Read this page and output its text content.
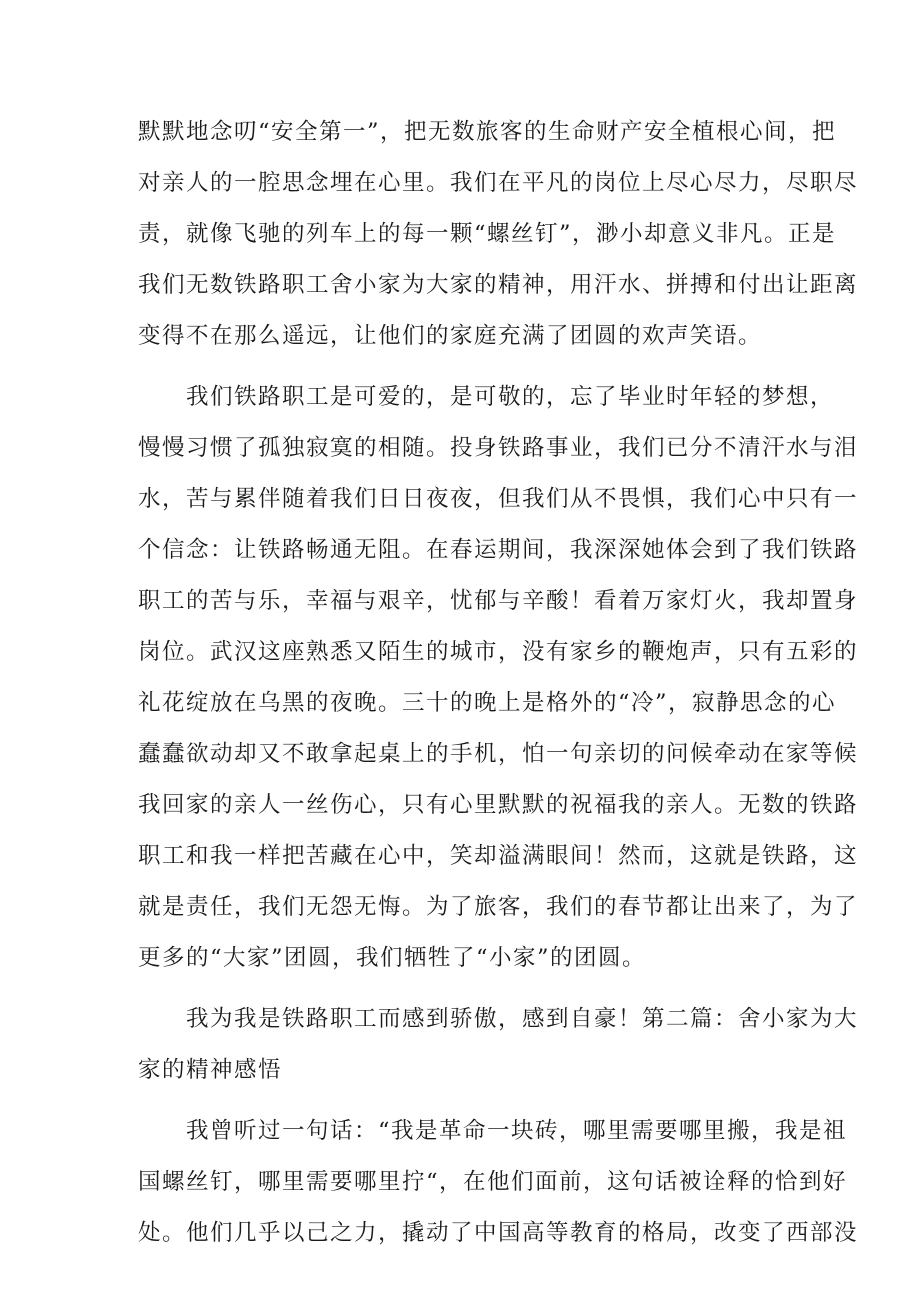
默默地念叨“安全第一”，把无数旅客的生命财产安全植根心间，把
对亲人的一腔思念埋在心里。我们在平凡的岗位上尽心尽力，尽职尽
责，就像飞驰的列车上的每一颗“螺丝钉”，渺小却意义非凡。正是
我们无数铁路职工舍小家为大家的精神，用汗水、拼搏和付出让距离
变得不在那么遥远，让他们的家庭充满了团圆的欢声笑语。
我们铁路职工是可爱的，是可敬的，忘了毕业时年轻的梦想，
慢慢习惯了孤独寂寞的相随。投身铁路事业，我们已分不清汗水与泪
水，苦与累伴随着我们日日夜夜，但我们从不畏惧，我们心中只有一
个信念：让铁路畅通无阻。在春运期间，我深深她体会到了我们铁路
职工的苦与乐，幸福与艰辛，忧郁与辛酸！看着万家灯火，我却置身
岗位。武汉这座熟悉又陌生的城市，没有家乡的鞭炮声，只有五彩的
礼花绽放在乌黑的夜晚。三十的晚上是格外的“冷”，寂静思念的心
蠢蠢欲动却又不敢拿起桌上的手机，怕一句亲切的问候牵动在家等候
我回家的亲人一丝伤心，只有心里默默的祝福我的亲人。无数的铁路
职工和我一样把苦藏在心中，笑却溢满眼间！然而，这就是铁路，这
就是责任，我们无怨无悔。为了旅客，我们的春节都让出来了，为了
更多的“大家”团圆，我们牺牲了“小家”的团圆。
我为我是铁路职工而感到骄傲，感到自豪！第二篇：舍小家为大
家的精神感悟
我曾听过一句话：“我是革命一块砖，哪里需要哪里搬，我是祖
国螺丝钉，哪里需要哪里拧“，在他们面前，这句话被诠释的恰到好
处。他们几乎以己之力，撬动了中国高等教育的格局，改变了西部没
